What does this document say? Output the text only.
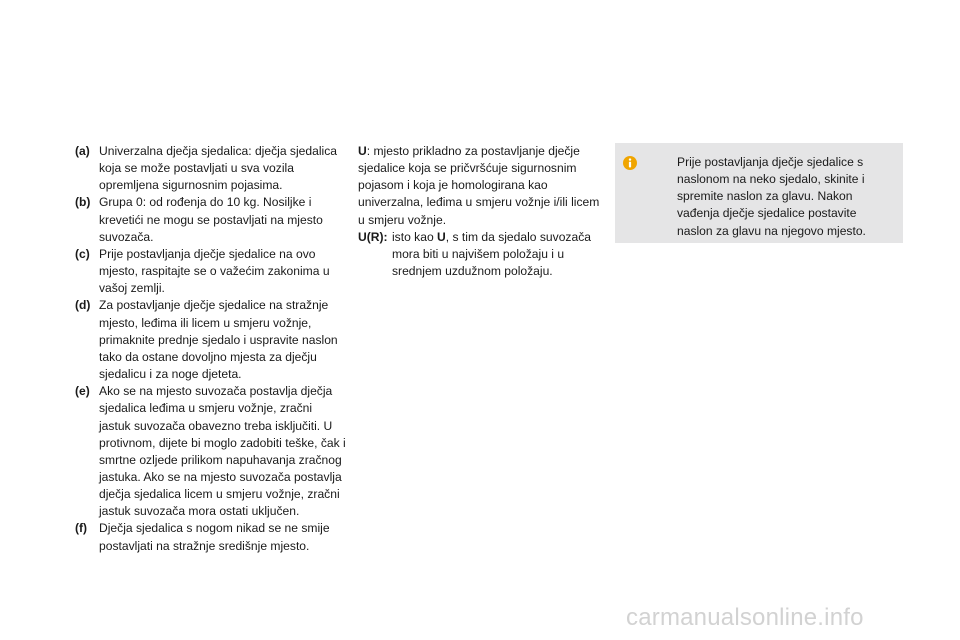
(a) Univerzalna dječja sjedalica: dječja sjedalica koja se može postavljati u sva vozila opremljena sigurnosnim pojasima.
(b) Grupa 0: od rođenja do 10 kg. Nosiljke i krevetići ne mogu se postavljati na mjesto suvozača.
(c) Prije postavljanja dječje sjedalice na ovo mjesto, raspitajte se o važećim zakonima u vašoj zemlji.
(d) Za postavljanje dječje sjedalice na stražnje mjesto, leđima ili licem u smjeru vožnje, primaknite prednje sjedalo i uspravite naslon tako da ostane dovoljno mjesta za dječju sjedalicu i za noge djeteta.
(e) Ako se na mjesto suvozača postavlja dječja sjedalica leđima u smjeru vožnje, zračni jastuk suvozača obavezno treba isključiti. U protivnom, dijete bi moglo zadobiti teške, čak i smrtne ozljede prilikom napuhavanja zračnog jastuka. Ako se na mjesto suvozača postavlja dječja sjedalica licem u smjeru vožnje, zračni jastuk suvozača mora ostati uključen.
(f) Dječja sjedalica s nogom nikad se ne smije postavljati na stražnje središnje mjesto.
U: mjesto prikladno za postavljanje dječje sjedalice koja se pričvršćuje sigurnosnim pojasom i koja je homologirana kao univerzalna, leđima u smjeru vožnje i/ili licem u smjeru vožnje.
U(R): isto kao U, s tim da sjedalo suvozača mora biti u najvišem položaju i u srednjem uzdužnom položaju.
Prije postavljanja dječje sjedalice s naslonom na neko sjedalo, skinite i spremite naslon za glavu. Nakon vađenja dječje sjedalice postavite naslon za glavu na njegovo mjesto.
carmanualsonline.info
